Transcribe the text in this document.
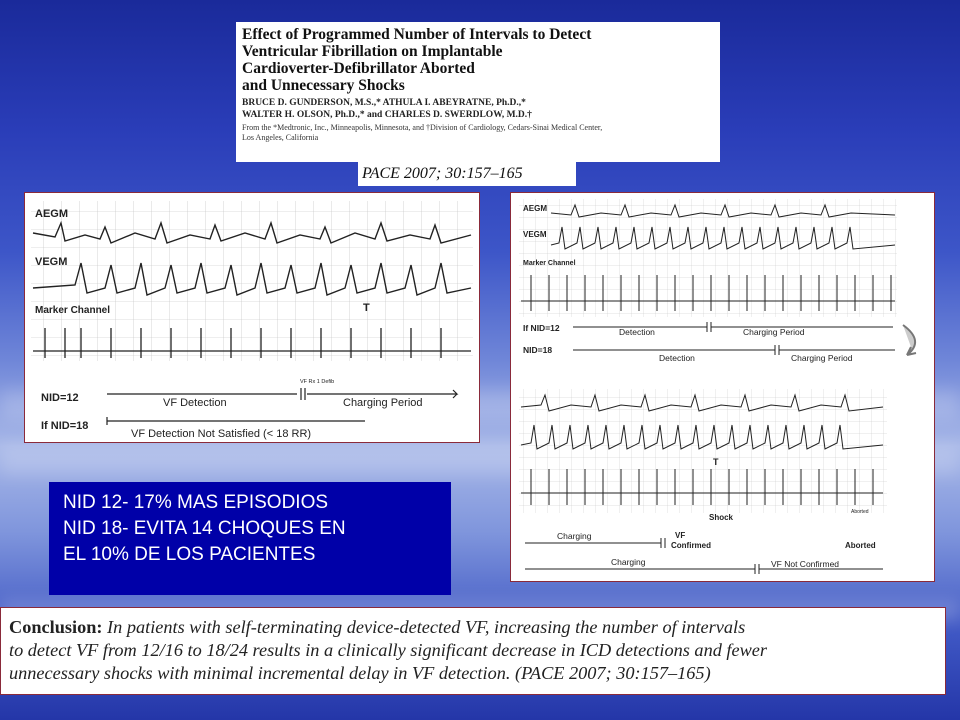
Effect of Programmed Number of Intervals to Detect
Ventricular Fibrillation on Implantable
Cardioverter-Defibrillator Aborted
and Unnecessary Shocks
BRUCE D. GUNDERSON, M.S.,* ATHULA I. ABEYRATNE, Ph.D.,*
WALTER H. OLSON, Ph.D.,* and CHARLES D. SWERDLOW, M.D.†
From the *Medtronic, Inc., Minneapolis, Minnesota, and †Division of Cardiology, Cedars-Sinai Medical Center,
Los Angeles, California
PACE 2007; 30:157–165
AEGM
VEGM
Marker Channel	T
VF Rx 1 Defib
NID=12	VF Detection	Charging Period
If NID=18
VF Detection Not Satisfied (< 18 RR)
AEGM
VEGM
Marker Channel
If NID=12	Detection	Charging Period
NID=18
Detection	Charging Period
T
Shock
Aborted
Charging	VF
Confirmed	Aborted
Charging	VF Not Confirmed
NID 12- 17% MAS EPISODIOS
NID 18- EVITA 14 CHOQUES EN
EL 10% DE LOS PACIENTES
Conclusion: In patients with self-terminating device-detected VF, increasing the number of intervals
to detect VF from 12/16 to 18/24 results in a clinically significant decrease in ICD detections and fewer
unnecessary shocks with minimal incremental delay in VF detection. (PACE 2007; 30:157–165)
